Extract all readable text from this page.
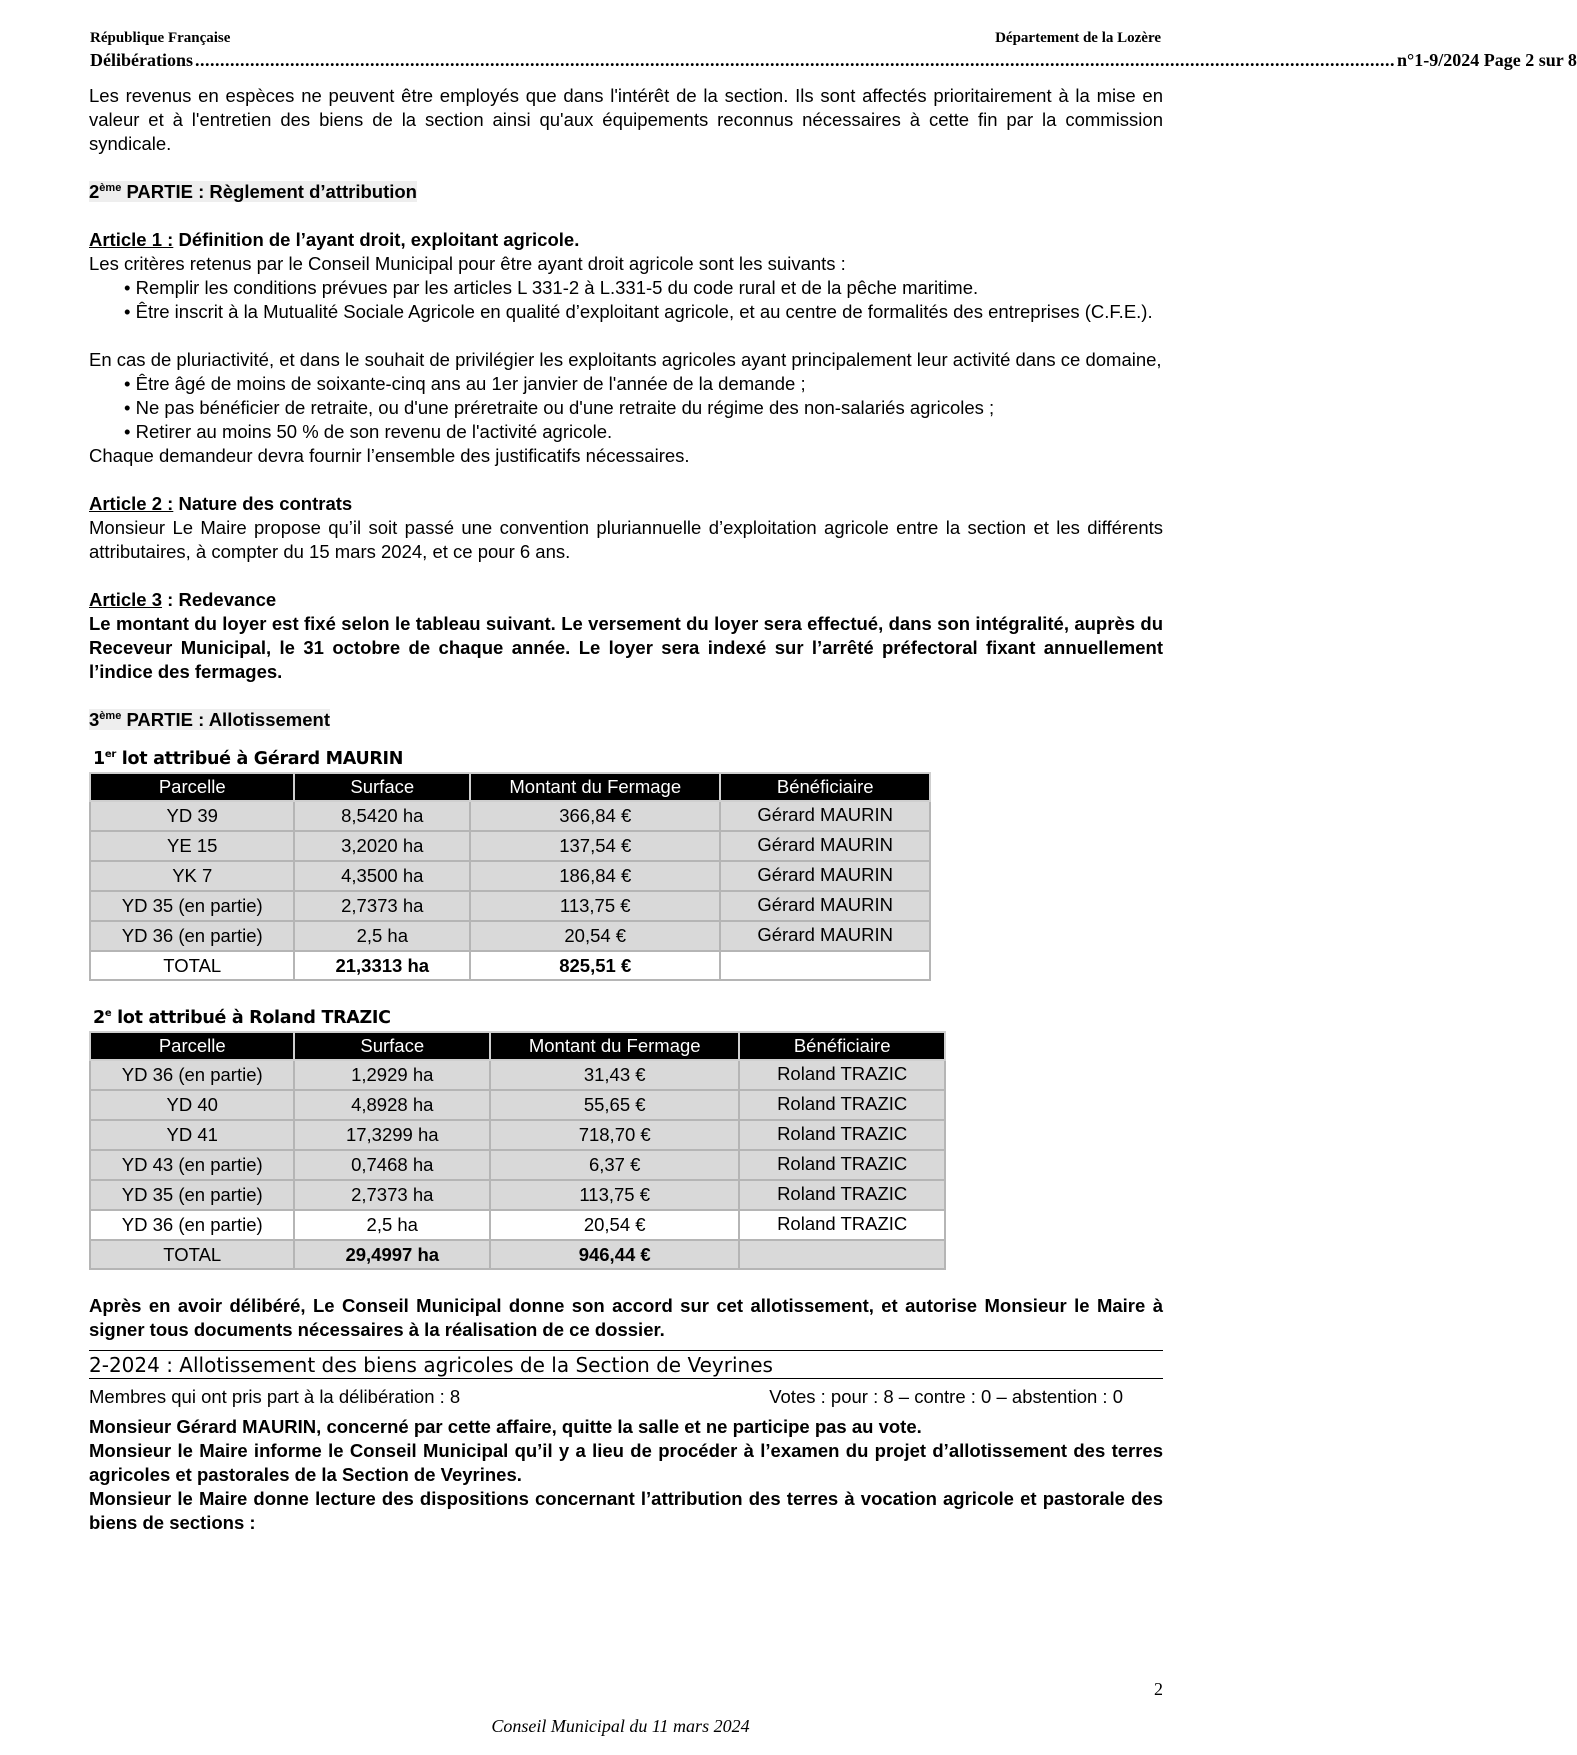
République Française	Département de la Lozère
Délibérations ................................................................................................................................................................................................................................................ n°1-9/2024 Page 2 sur 8

Les revenus en espèces ne peuvent être employés que dans l'intérêt de la section. Ils sont affectés prioritairement à la mise en valeur et à l'entretien des biens de la section ainsi qu'aux équipements reconnus nécessaires à cette fin par la commission syndicale.

2ème PARTIE : Règlement d’attribution

Article 1 : Définition de l’ayant droit, exploitant agricole.

Les critères retenus par le Conseil Municipal pour être ayant droit agricole sont les suivants :

• Remplir les conditions prévues par les articles L 331-2 à L.331-5 du code rural et de la pêche maritime.
• Être inscrit à la Mutualité Sociale Agricole en qualité d’exploitant agricole, et au centre de formalités des entreprises (C.F.E.).

En cas de pluriactivité, et dans le souhait de privilégier les exploitants agricoles ayant principalement leur activité dans ce domaine,

• Être âgé de moins de soixante-cinq ans au 1er janvier de l'année de la demande ;
• Ne pas bénéficier de retraite, ou d'une préretraite ou d'une retraite du régime des non-salariés agricoles ;
• Retirer au moins 50 % de son revenu de l'activité agricole.

Chaque demandeur devra fournir l’ensemble des justificatifs nécessaires.

Article 2 : Nature des contrats

Monsieur Le Maire propose qu’il soit passé une convention pluriannuelle d’exploitation agricole entre la section et les différents attributaires, à compter du 15 mars 2024, et ce pour 6 ans.

Article 3 : Redevance

Le montant du loyer est fixé selon le tableau suivant. Le versement du loyer sera effectué, dans son intégralité, auprès du Receveur Municipal, le 31 octobre de chaque année. Le loyer sera indexé sur l’arrêté préfectoral fixant annuellement l’indice des fermages.

3ème PARTIE : Allotissement

1er lot attribué à Gérard MAURIN
Parcelle	Surface	Montant du Fermage	Bénéficiaire
YD 39	8,5420 ha	366,84 €	Gérard MAURIN
YE 15	3,2020 ha	137,54 €	Gérard MAURIN
YK 7	4,3500 ha	186,84 €	Gérard MAURIN
YD 35 (en partie)	2,7373 ha	113,75 €	Gérard MAURIN
YD 36 (en partie)	2,5 ha	20,54 €	Gérard MAURIN
TOTAL	21,3313 ha	825,51 €	
2e lot attribué à Roland TRAZIC
Parcelle	Surface	Montant du Fermage	Bénéficiaire
YD 36 (en partie)	1,2929 ha	31,43 €	Roland TRAZIC
YD 40	4,8928 ha	55,65 €	Roland TRAZIC
YD 41	17,3299 ha	718,70 €	Roland TRAZIC
YD 43 (en partie)	0,7468 ha	6,37 €	Roland TRAZIC
YD 35 (en partie)	2,7373 ha	113,75 €	Roland TRAZIC
YD 36 (en partie)	2,5 ha	20,54 €	Roland TRAZIC
TOTAL	29,4997 ha	946,44 €	

Après en avoir délibéré, Le Conseil Municipal donne son accord sur cet allotissement, et autorise Monsieur le Maire à signer tous documents nécessaires à la réalisation de ce dossier.

2-2024 : Allotissement des biens agricoles de la Section de Veyrines
Membres qui ont pris part à la délibération : 8	Votes : pour : 8 – contre : 0 – abstention : 0

Monsieur Gérard MAURIN, concerné par cette affaire, quitte la salle et ne participe pas au vote.

Monsieur le Maire informe le Conseil Municipal qu’il y a lieu de procéder à l’examen du projet d’allotissement des terres agricoles et pastorales de la Section de Veyrines.

Monsieur le Maire donne lecture des dispositions concernant l’attribution des terres à vocation agricole et pastorale des biens de sections :

2
Conseil Municipal du 11 mars 2024
